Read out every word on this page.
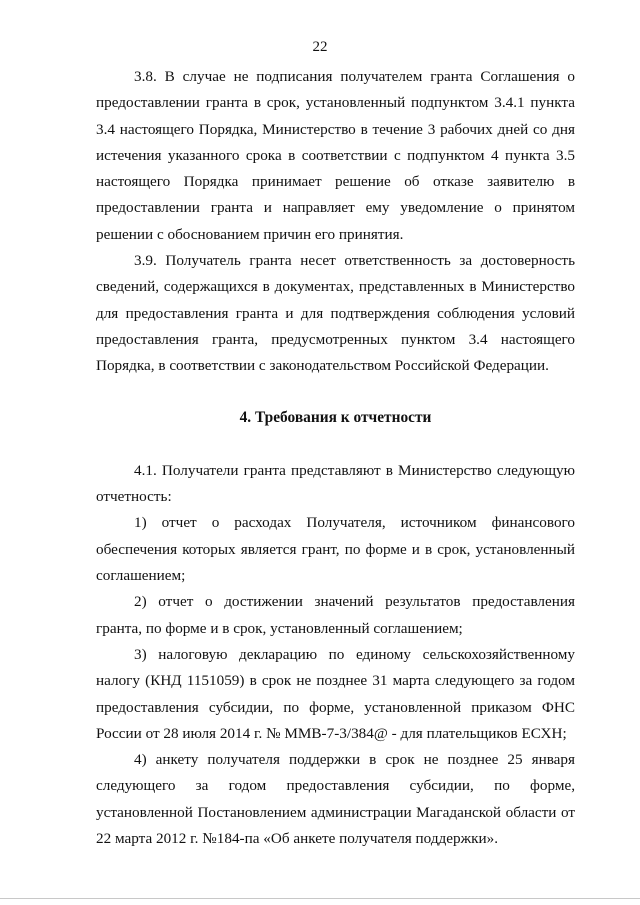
22

3.8. В случае не подписания получателем гранта Соглашения о предоставлении гранта в срок, установленный подпунктом 3.4.1 пункта 3.4 настоящего Порядка, Министерство в течение 3 рабочих дней со дня истечения указанного срока в соответствии с подпунктом 4 пункта 3.5 настоящего Порядка принимает решение об отказе заявителю в предоставлении гранта и направляет ему уведомление о принятом решении с обоснованием причин его принятия.

3.9. Получатель гранта несет ответственность за достоверность сведений, содержащихся в документах, представленных в Министерство для предоставления гранта и для подтверждения соблюдения условий предоставления гранта, предусмотренных пунктом 3.4 настоящего Порядка, в соответствии с законодательством Российской Федерации.

4. Требования к отчетности

4.1. Получатели гранта представляют в Министерство следующую отчетность:

1) отчет о расходах Получателя, источником финансового обеспечения которых является грант, по форме и в срок, установленный соглашением;

2) отчет о достижении значений результатов предоставления гранта, по форме и в срок, установленный соглашением;

3) налоговую декларацию по единому сельскохозяйственному налогу (КНД 1151059) в срок не позднее 31 марта следующего за годом предоставления субсидии, по форме, установленной приказом ФНС России от 28 июля 2014 г. № ММВ-7-3/384@ - для плательщиков ЕСХН;

4) анкету получателя поддержки в срок не позднее 25 января следующего за годом предоставления субсидии, по форме, установленной Постановлением администрации Магаданской области от 22 марта 2012 г. №184-па «Об анкете получателя поддержки».
